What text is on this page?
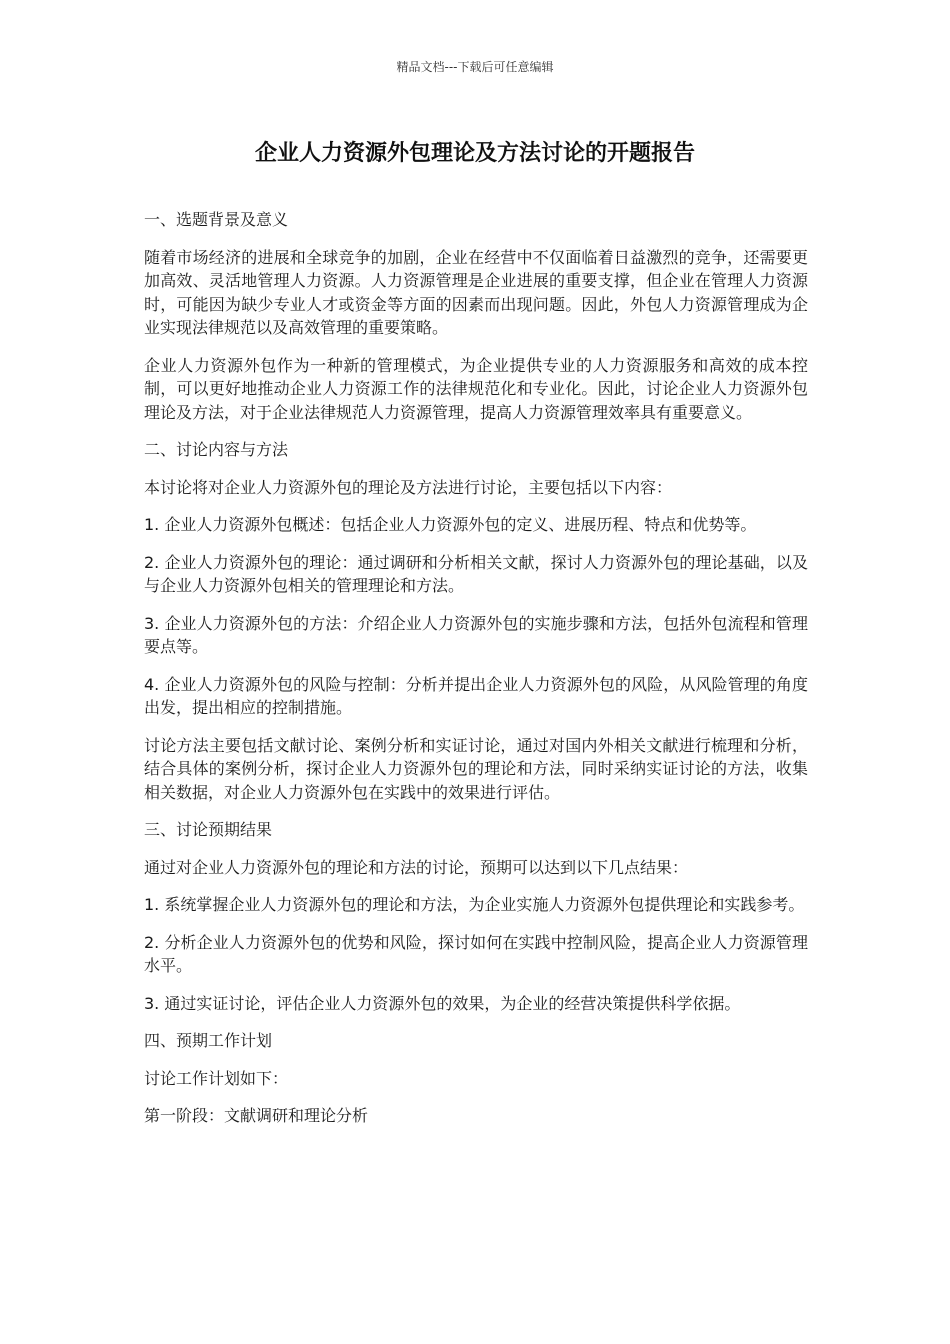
精品文档---下载后可任意编辑
企业人力资源外包理论及方法讨论的开题报告

一、选题背景及意义

随着市场经济的进展和全球竞争的加剧，企业在经营中不仅面临着日益激烈的竞争，还需要更加高效、灵活地管理人力资源。人力资源管理是企业进展的重要支撑，但企业在管理人力资源时，可能因为缺少专业人才或资金等方面的因素而出现问题。因此，外包人力资源管理成为企业实现法律规范以及高效管理的重要策略。

企业人力资源外包作为一种新的管理模式，为企业提供专业的人力资源服务和高效的成本控制，可以更好地推动企业人力资源工作的法律规范化和专业化。因此，讨论企业人力资源外包理论及方法，对于企业法律规范人力资源管理，提高人力资源管理效率具有重要意义。

二、讨论内容与方法

本讨论将对企业人力资源外包的理论及方法进行讨论，主要包括以下内容：

1. 企业人力资源外包概述：包括企业人力资源外包的定义、进展历程、特点和优势等。

2. 企业人力资源外包的理论：通过调研和分析相关文献，探讨人力资源外包的理论基础，以及与企业人力资源外包相关的管理理论和方法。

3. 企业人力资源外包的方法：介绍企业人力资源外包的实施步骤和方法，包括外包流程和管理要点等。

4. 企业人力资源外包的风险与控制：分析并提出企业人力资源外包的风险，从风险管理的角度出发，提出相应的控制措施。

讨论方法主要包括文献讨论、案例分析和实证讨论，通过对国内外相关文献进行梳理和分析，结合具体的案例分析，探讨企业人力资源外包的理论和方法，同时采纳实证讨论的方法，收集相关数据，对企业人力资源外包在实践中的效果进行评估。

三、讨论预期结果

通过对企业人力资源外包的理论和方法的讨论，预期可以达到以下几点结果：

1. 系统掌握企业人力资源外包的理论和方法，为企业实施人力资源外包提供理论和实践参考。

2. 分析企业人力资源外包的优势和风险，探讨如何在实践中控制风险，提高企业人力资源管理水平。

3. 通过实证讨论，评估企业人力资源外包的效果，为企业的经营决策提供科学依据。

四、预期工作计划

讨论工作计划如下：

第一阶段：文献调研和理论分析
